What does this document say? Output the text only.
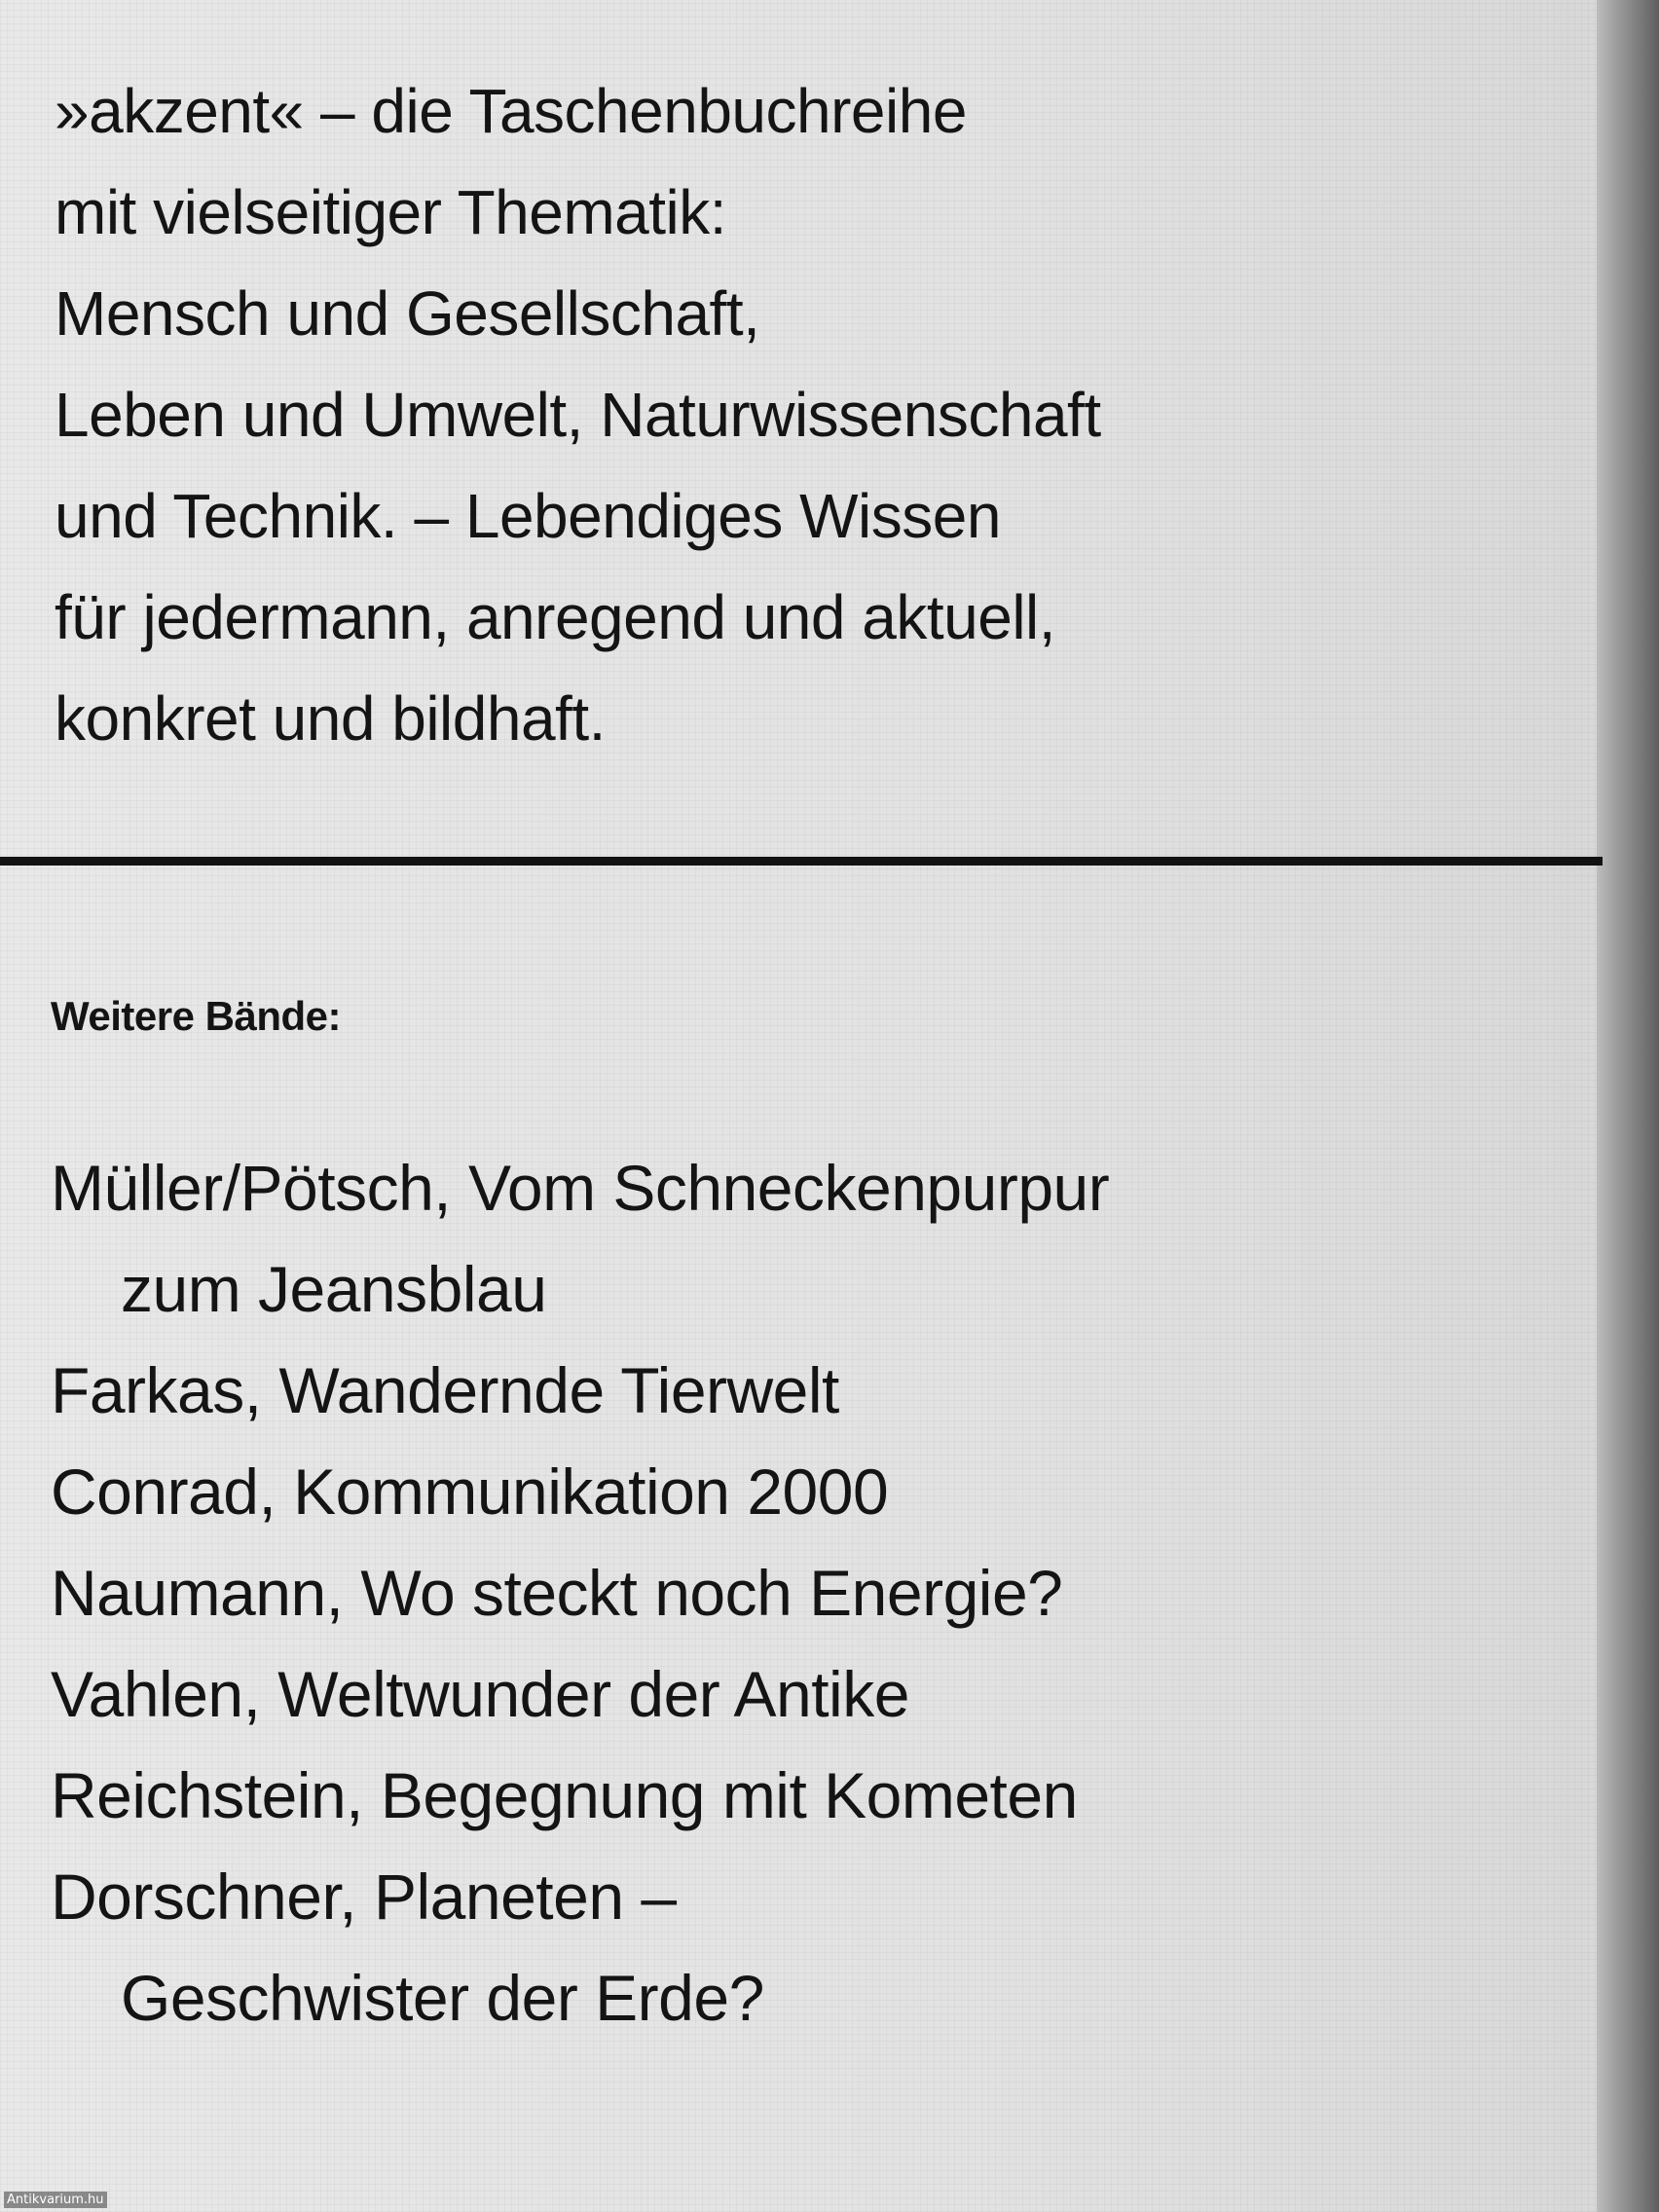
»akzent« – die Taschenbuchreihe
mit vielseitiger Thematik:
Mensch und Gesellschaft,
Leben und Umwelt, Naturwissenschaft
und Technik. – Lebendiges Wissen
für jedermann, anregend und aktuell,
konkret und bildhaft.

Weitere Bände:
Müller/Pötsch, Vom Schneckenpurpur
zum Jeansblau
Farkas, Wandernde Tierwelt
Conrad, Kommunikation 2000
Naumann, Wo steckt noch Energie?
Vahlen, Weltwunder der Antike
Reichstein, Begegnung mit Kometen
Dorschner, Planeten –
Geschwister der Erde?
Antikvarium.hu
